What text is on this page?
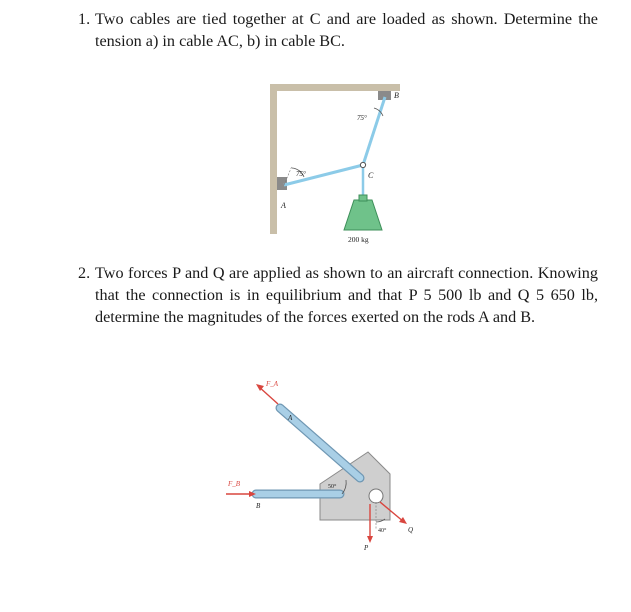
1. Two cables are tied together at C and are loaded as shown. Determine the tension a) in cable AC, b) in cable BC.
A
B
C
75°
75°
200 kg
2. Two forces P and Q are applied as shown to an aircraft connection. Knowing that the connection is in equilibrium and that P 5 500 lb and Q 5 650 lb, determine the magnitudes of the forces exerted on the rods A and B.
F_A
F_B
A
B
P
Q
50°
40°
